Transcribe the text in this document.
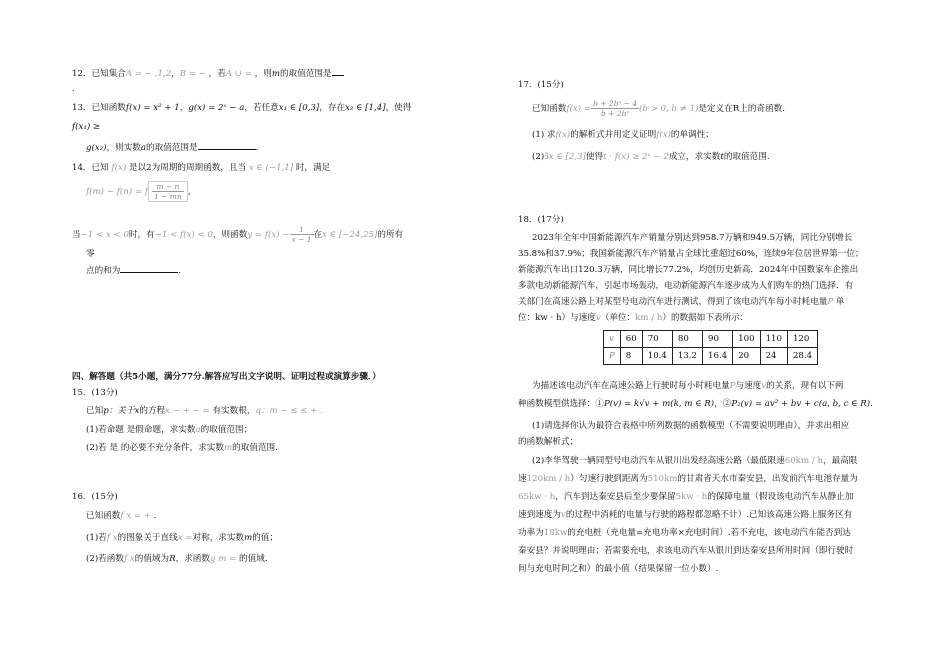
12．已知集合A = − ,1,2，B = − ，若A ∪ = ，则m的取值范围是
.
13．已知函数f(x) = x² + 1，g(x) = 2ˣ − a，若任意x₁ ∈ [0,3]，存在x₂ ∈ [1,4]，使得
f(x₁) ≥
g(x₂)，则实数a的取值范围是	.
14．已知 f(x) 是以2为周期的周期函数，且当 x ∈ (−1,1] 时，满足
f(m) − f(n) = f $\frac{m - n}{1 - mn}$ ，
当−1 < x < 0时，有−1 < f(x) < 0，则函数$y = f(x) - \frac{1}{x - 1}$ 在x ∈ [−24,25]的所有
零
点的和为	.
四、解答题（共5小题，满分77分.解答应写出文字说明、证明过程或演算步骤．）
15．(13分)
已知p：关于x的方程x − + − = 有实数根，q：m − ≤ ≤ + .
(1)若命题 是假命题，求实数a的取值范围；
(2)若 是 的必要不充分条件，求实数m的取值范围.
16．(15分)
已知函数f x = + ．
(1)若f x的图象关于直线x =对称，求实数m的值；
(2)若函数f x的值域为R，求函数g m = 的值域.
17．(15分)
已知函数$f(x) = \frac{\text{b + 2bˣ − 4}}{\text{b + 2bˣ}} (b > 0$, b ≠ 1)是定义在R上的奇函数.
(1) 求f(x)的解析式并用定义证明f(x)的单调性；
(2)∃x ∈ [2,3]使得t · f(x) ≥ 2ˣ − 2成立，求实数t的取值范围.
18．(17分)
2023年全年中国新能源汽车产销量分别达到958.7万辆和949.5万辆，同比分别增长
35.8%和37.9%；我国新能源汽车产销量占全球比重超过60%，连续9年位居世界第一位；
新能源汽车出口120.3万辆，同比增长77.2%，均创历史新高．2024年中国数家车企推出
多款电动新能源汽车，引起市场轰动，电动新能源汽车逐步成为人们购车的热门选择．有
关部门在高速公路上对某型号电动汽车进行测试，得到了该电动汽车每小时耗电量P 单
位：kw · h）与速度v（单位：km / h）的数据如下表所示：
v	60	70	80	90	100	110	120
P	8	10.4	13.2	16.4	20	24	28.4
为描述该电动汽车在高速公路上行驶时每小时耗电量P与速度v的关系，现有以下两
种函数模型供选择：①P(v) = k√v + m(k, m ∈ R)，②P₂(v) = av² + bv + c(a, b, c ∈ R).
(1)请选择你认为最符合表格中所列数据的函数模型（不需要说明理由），并求出相应
的函数解析式；
(2)李华驾驶一辆同型号电动汽车从银川出发经高速公路（最低限速60km / h，最高限
速120km / h）匀速行驶到距离为510km的甘肃省天水市秦安县，出发前汽车电池存量为
65kw · h，汽车到达秦安县后至少要保留5kw · h的保障电量（假设该电动汽车从静止加
速到速度为v的过程中消耗的电量与行驶的路程都忽略不计）.已知该高速公路上服务区有
功率为18kw的充电桩（充电量=充电功率×充电时间）.若不充电，该电动汽车能否到达
秦安县？并说明理由；若需要充电，求该电动汽车从银川到达秦安县所用时间（即行驶时
间与充电时间之和）的最小值（结果保留一位小数）.
